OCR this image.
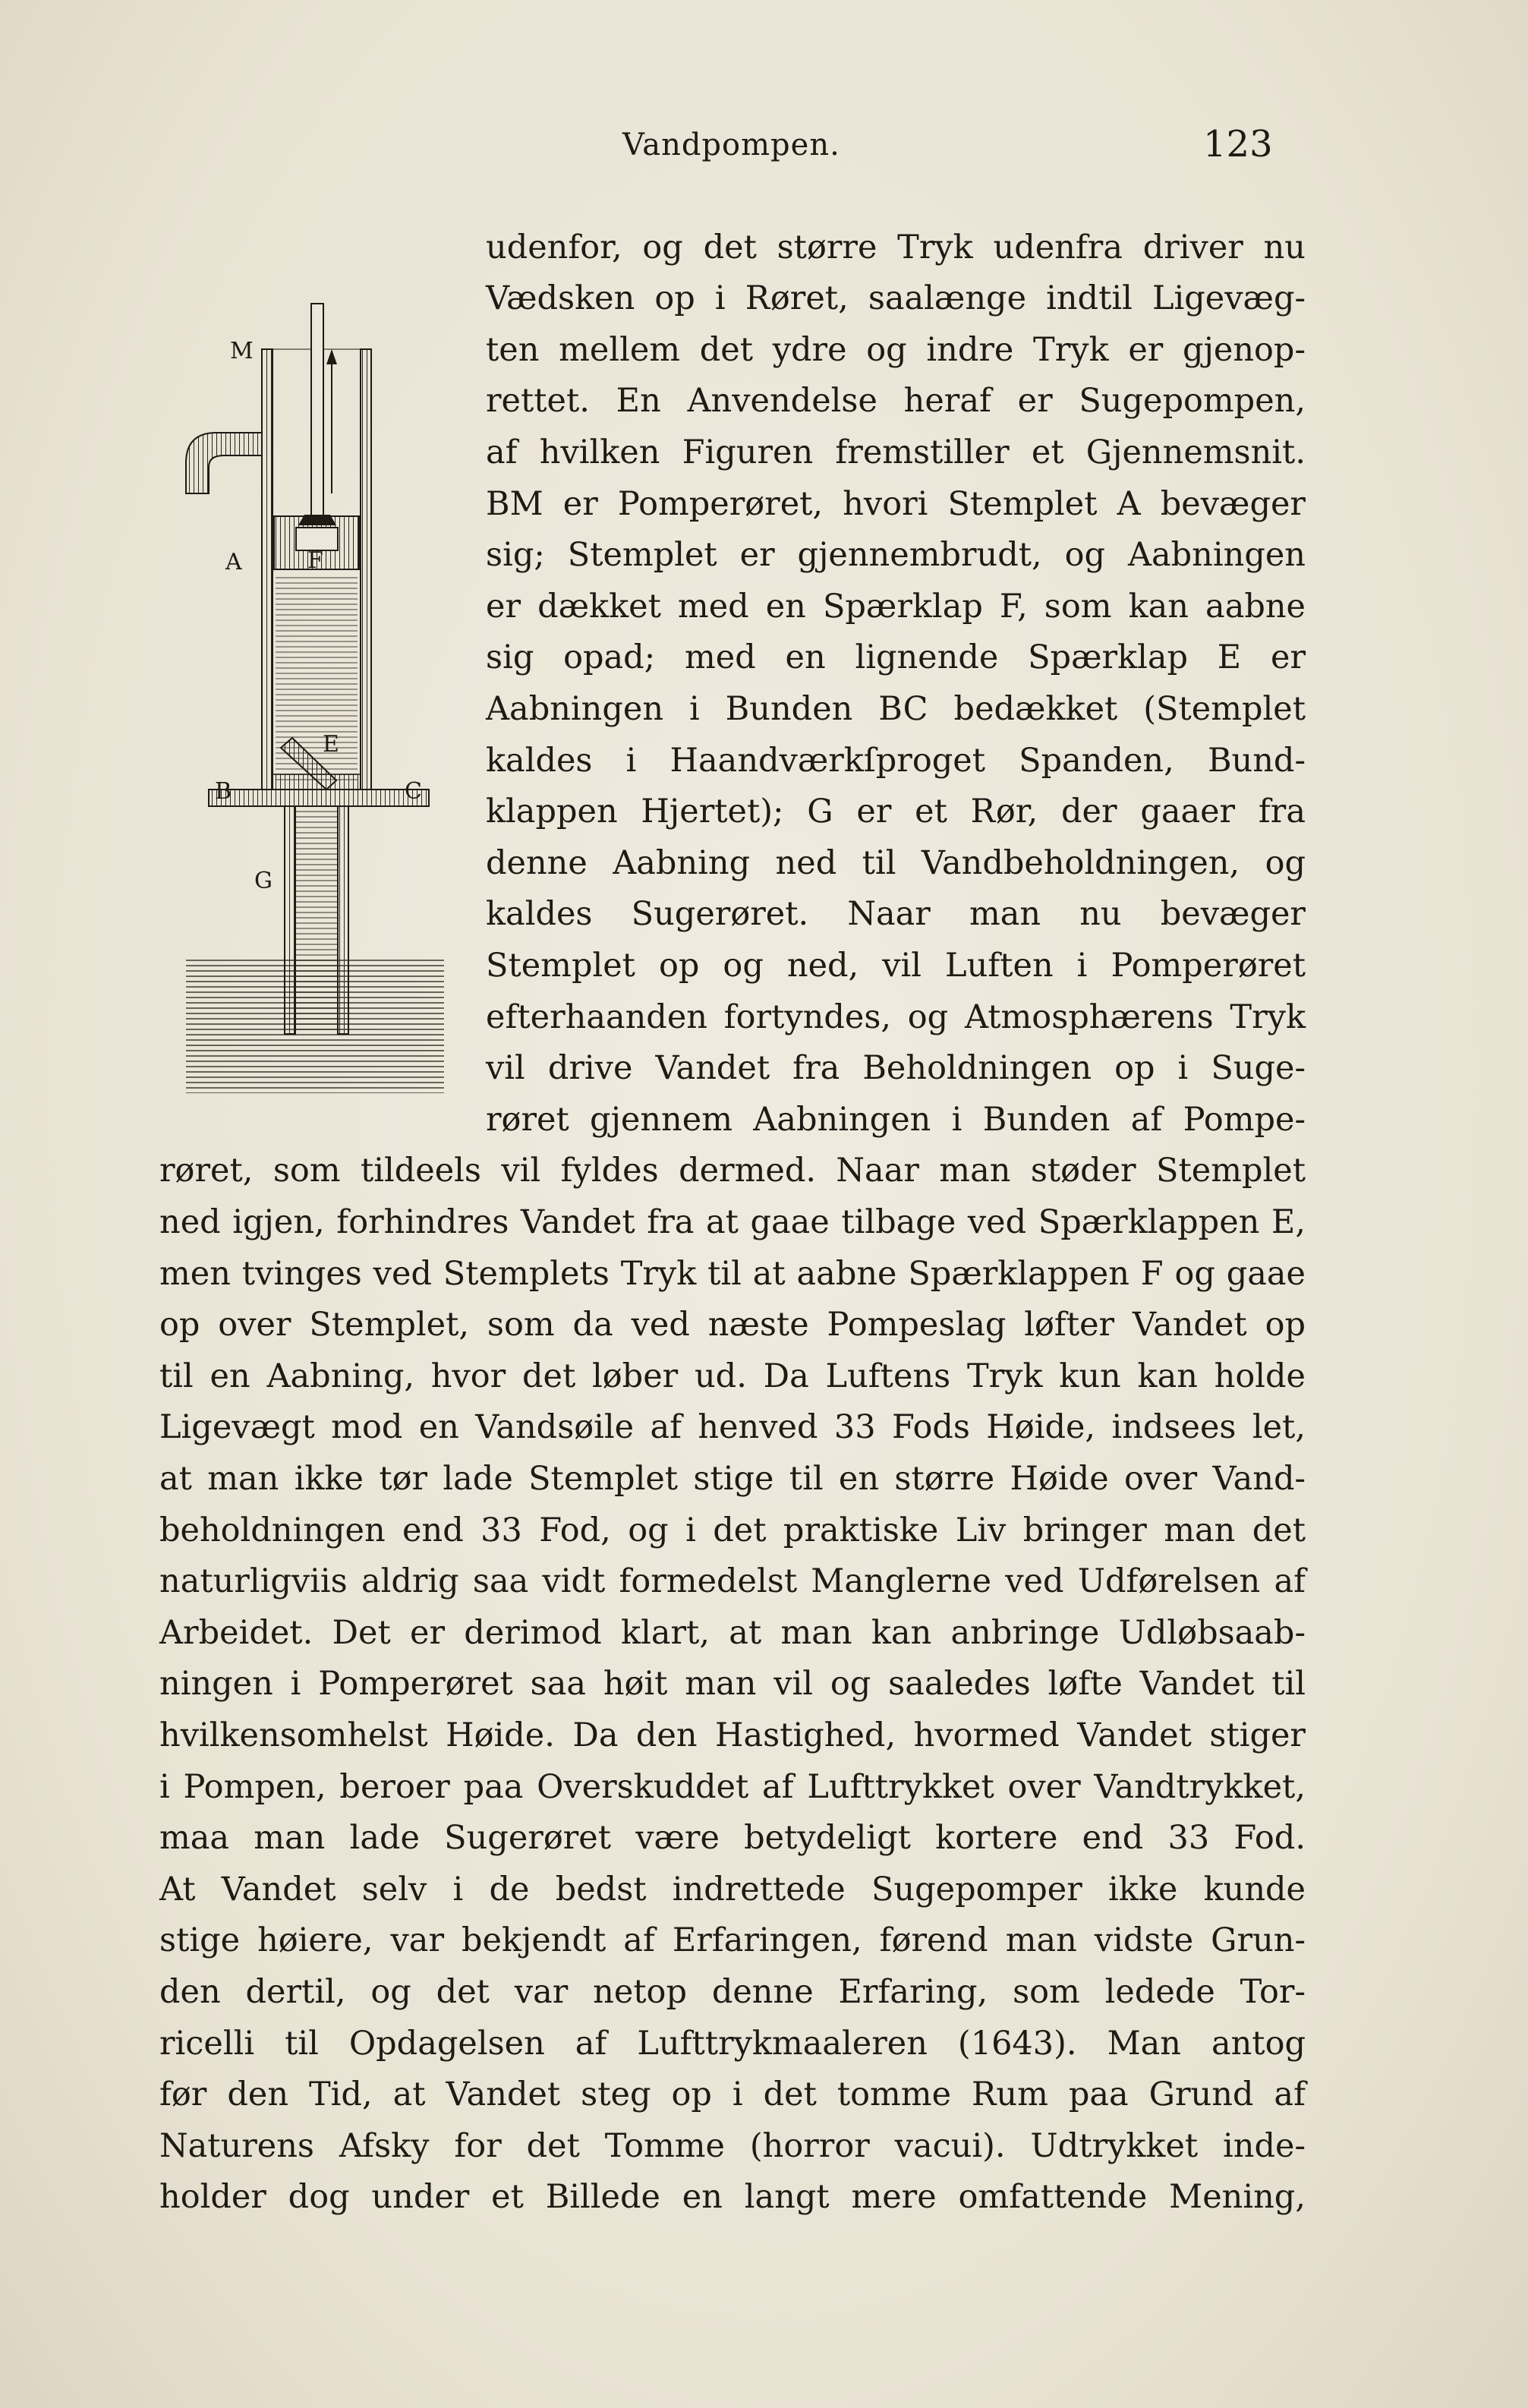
Vandpompen.	123
M
A	F
E
B	C
G
udenfor, og det større Tryk udenfra driver nu
Vædsken op i Røret, saalænge indtil Ligevæg-
ten mellem det ydre og indre Tryk er gjenop-
rettet. En Anvendelse heraf er Sugepompen,
af hvilken Figuren fremstiller et Gjennemsnit.
BM er Pomperøret, hvori Stemplet A bevæger
sig; Stemplet er gjennembrudt, og Aabningen
er dækket med en Spærklap F, som kan aabne
sig opad; med en lignende Spærklap E er
Aabningen i Bunden BC bedækket (Stemplet
kaldes i Haandværkſproget Spanden, Bund-
klappen Hjertet); G er et Rør, der gaaer fra
denne Aabning ned til Vandbeholdningen, og
kaldes Sugerøret. Naar man nu bevæger
Stemplet op og ned, vil Luften i Pomperøret
efterhaanden fortyndes, og Atmosphærens Tryk
vil drive Vandet fra Beholdningen op i Suge-
røret gjennem Aabningen i Bunden af Pompe-
røret, som tildeels vil fyldes dermed. Naar man støder Stemplet
ned igjen, forhindres Vandet fra at gaae tilbage ved Spærklappen E,
men tvinges ved Stemplets Tryk til at aabne Spærklappen F og gaae
op over Stemplet, som da ved næste Pompeslag løfter Vandet op
til en Aabning, hvor det løber ud. Da Luftens Tryk kun kan holde
Ligevægt mod en Vandsøile af henved 33 Fods Høide, indsees let,
at man ikke tør lade Stemplet stige til en større Høide over Vand-
beholdningen end 33 Fod, og i det praktiske Liv bringer man det
naturligviis aldrig saa vidt formedelst Manglerne ved Udførelsen af
Arbeidet. Det er derimod klart, at man kan anbringe Udløbsaab-
ningen i Pomperøret saa høit man vil og saaledes løfte Vandet til
hvilkensomhelst Høide. Da den Hastighed, hvormed Vandet stiger
i Pompen, beroer paa Overskuddet af Lufttrykket over Vandtrykket,
maa man lade Sugerøret være betydeligt kortere end 33 Fod.
At Vandet selv i de bedst indrettede Sugepomper ikke kunde
stige høiere, var bekjendt af Erfaringen, førend man vidste Grun-
den dertil, og det var netop denne Erfaring, som ledede Tor-
ricelli til Opdagelsen af Lufttrykmaaleren (1643). Man antog
før den Tid, at Vandet steg op i det tomme Rum paa Grund af
Naturens Afsky for det Tomme (horror vacui). Udtrykket inde-
holder dog under et Billede en langt mere omfattende Mening,
